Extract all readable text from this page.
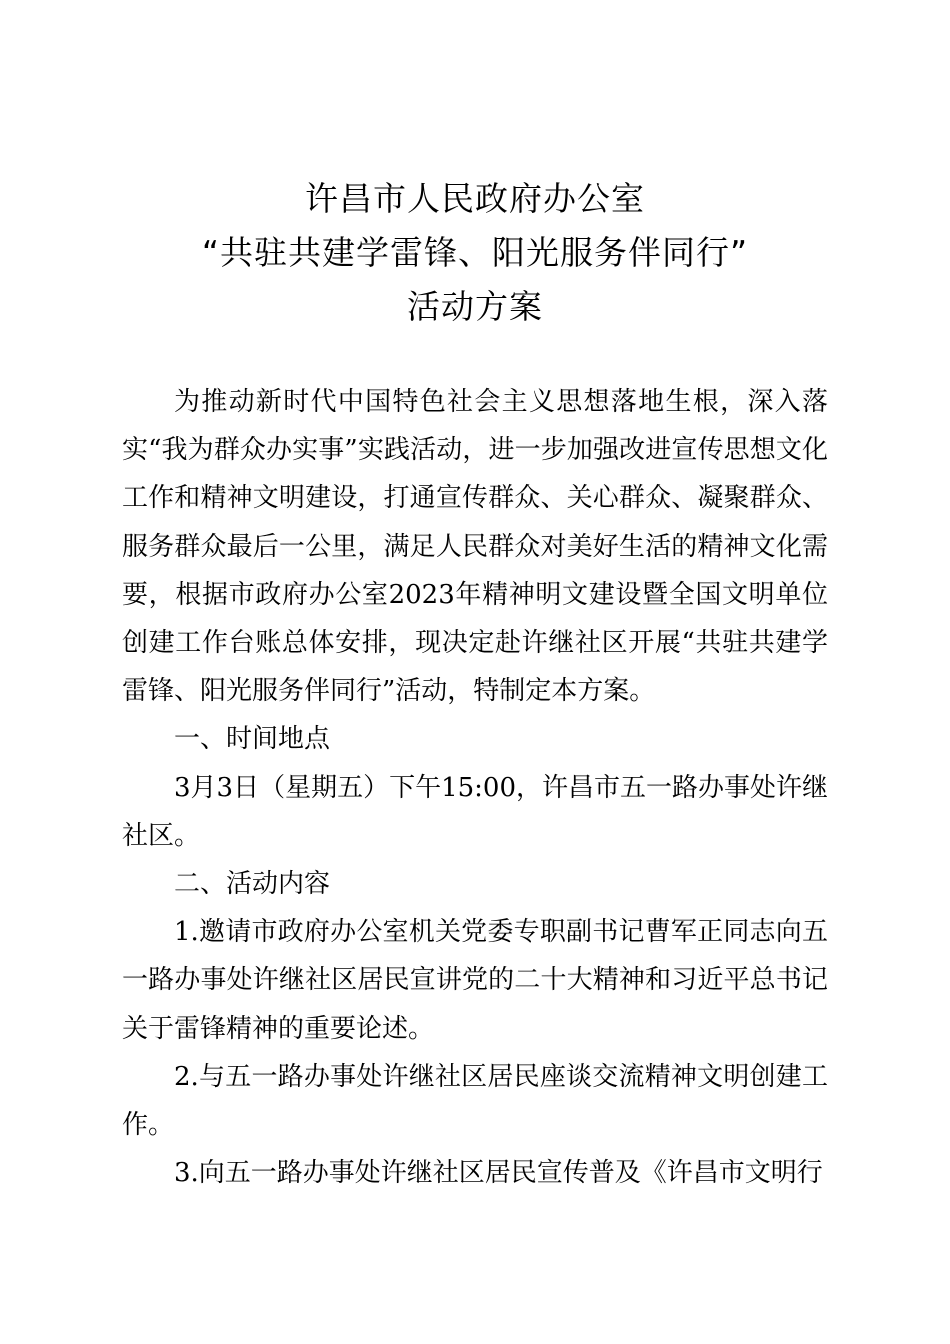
许昌市人民政府办公室
“共驻共建学雷锋、阳光服务伴同行”
活动方案

为推动新时代中国特色社会主义思想落地生根，深入落实“我为群众办实事”实践活动，进一步加强改进宣传思想文化工作和精神文明建设，打通宣传群众、关心群众、凝聚群众、服务群众最后一公里，满足人民群众对美好生活的精神文化需要，根据市政府办公室2023年精神明文建设暨全国文明单位创建工作台账总体安排，现决定赴许继社区开展“共驻共建学雷锋、阳光服务伴同行”活动，特制定本方案。

一、时间地点

3月3日（星期五）下午15:00，许昌市五一路办事处许继社区。

二、活动内容

1.邀请市政府办公室机关党委专职副书记曹军正同志向五一路办事处许继社区居民宣讲党的二十大精神和习近平总书记关于雷锋精神的重要论述。

2.与五一路办事处许继社区居民座谈交流精神文明创建工作。

3.向五一路办事处许继社区居民宣传普及《许昌市文明行
